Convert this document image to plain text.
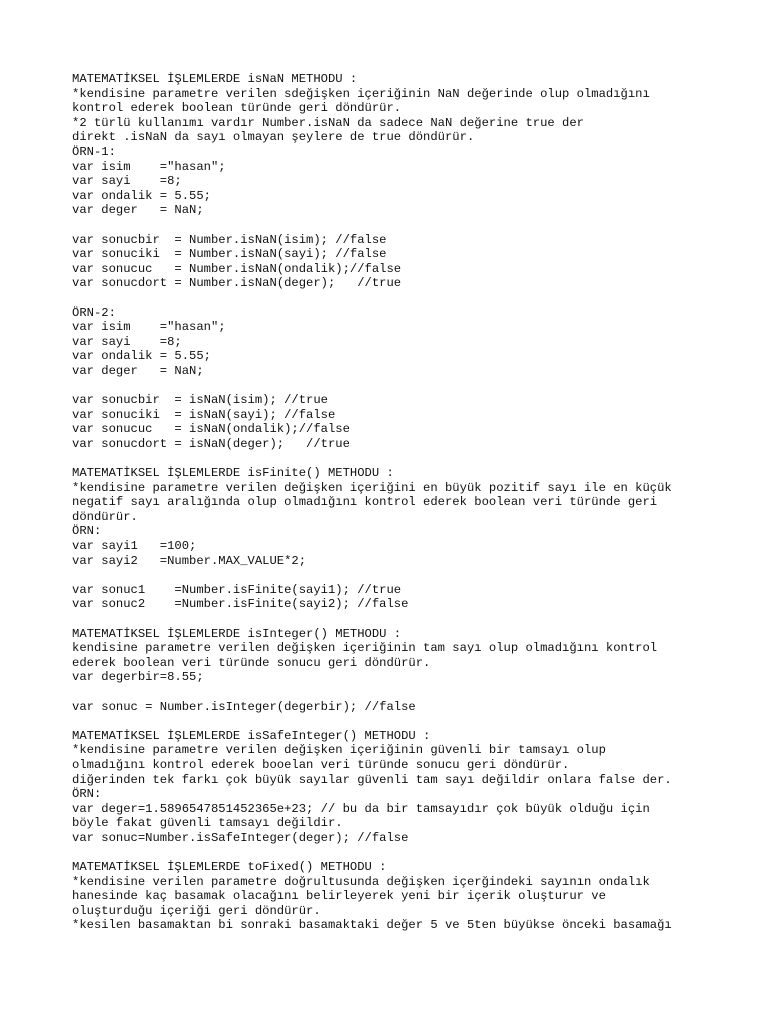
MATEMATİKSEL İŞLEMLERDE isNaN METHODU :
*kendisine parametre verilen sdeğişken içeriğinin NaN değerinde olup olmadığını
kontrol ederek boolean türünde geri döndürür.
*2 türlü kullanımı vardır Number.isNaN da sadece NaN değerine true der
direkt .isNaN da sayı olmayan şeylere de true döndürür.
ÖRN-1:
var isim    ="hasan";
var sayi    =8;
var ondalik = 5.55;
var deger   = NaN;
var sonucbir  = Number.isNaN(isim); //false
var sonuciki  = Number.isNaN(sayi); //false
var sonucuc   = Number.isNaN(ondalik);//false
var sonucdort = Number.isNaN(deger);   //true
ÖRN-2:
var isim    ="hasan";
var sayi    =8;
var ondalik = 5.55;
var deger   = NaN;
var sonucbir  = isNaN(isim); //true
var sonuciki  = isNaN(sayi); //false
var sonucuc   = isNaN(ondalik);//false
var sonucdort = isNaN(deger);   //true
MATEMATİKSEL İŞLEMLERDE isFinite() METHODU :
*kendisine parametre verilen değişken içeriğini en büyük pozitif sayı ile en küçük
negatif sayı aralığında olup olmadığını kontrol ederek boolean veri türünde geri
döndürür.
ÖRN:
var sayi1   =100;
var sayi2   =Number.MAX_VALUE*2;
var sonuc1    =Number.isFinite(sayi1); //true
var sonuc2    =Number.isFinite(sayi2); //false
MATEMATİKSEL İŞLEMLERDE isInteger() METHODU :
kendisine parametre verilen değişken içeriğinin tam sayı olup olmadığını kontrol
ederek boolean veri türünde sonucu geri döndürür.
var degerbir=8.55;
var sonuc = Number.isInteger(degerbir); //false
MATEMATİKSEL İŞLEMLERDE isSafeInteger() METHODU :
*kendisine parametre verilen değişken içeriğinin güvenli bir tamsayı olup
olmadığını kontrol ederek booelan veri türünde sonucu geri döndürür.
diğerinden tek farkı çok büyük sayılar güvenli tam sayı değildir onlara false der.
ÖRN:
var deger=1.5896547851452365e+23; // bu da bir tamsayıdır çok büyük olduğu için
böyle fakat güvenli tamsayı değildir.
var sonuc=Number.isSafeInteger(deger); //false
MATEMATİKSEL İŞLEMLERDE toFixed() METHODU :
*kendisine verilen parametre doğrultusunda değişken içerğindeki sayının ondalık
hanesinde kaç basamak olacağını belirleyerek yeni bir içerik oluşturur ve
oluşturduğu içeriği geri döndürür.
*kesilen basamaktan bi sonraki basamaktaki değer 5 ve 5ten büyükse önceki basamağı
